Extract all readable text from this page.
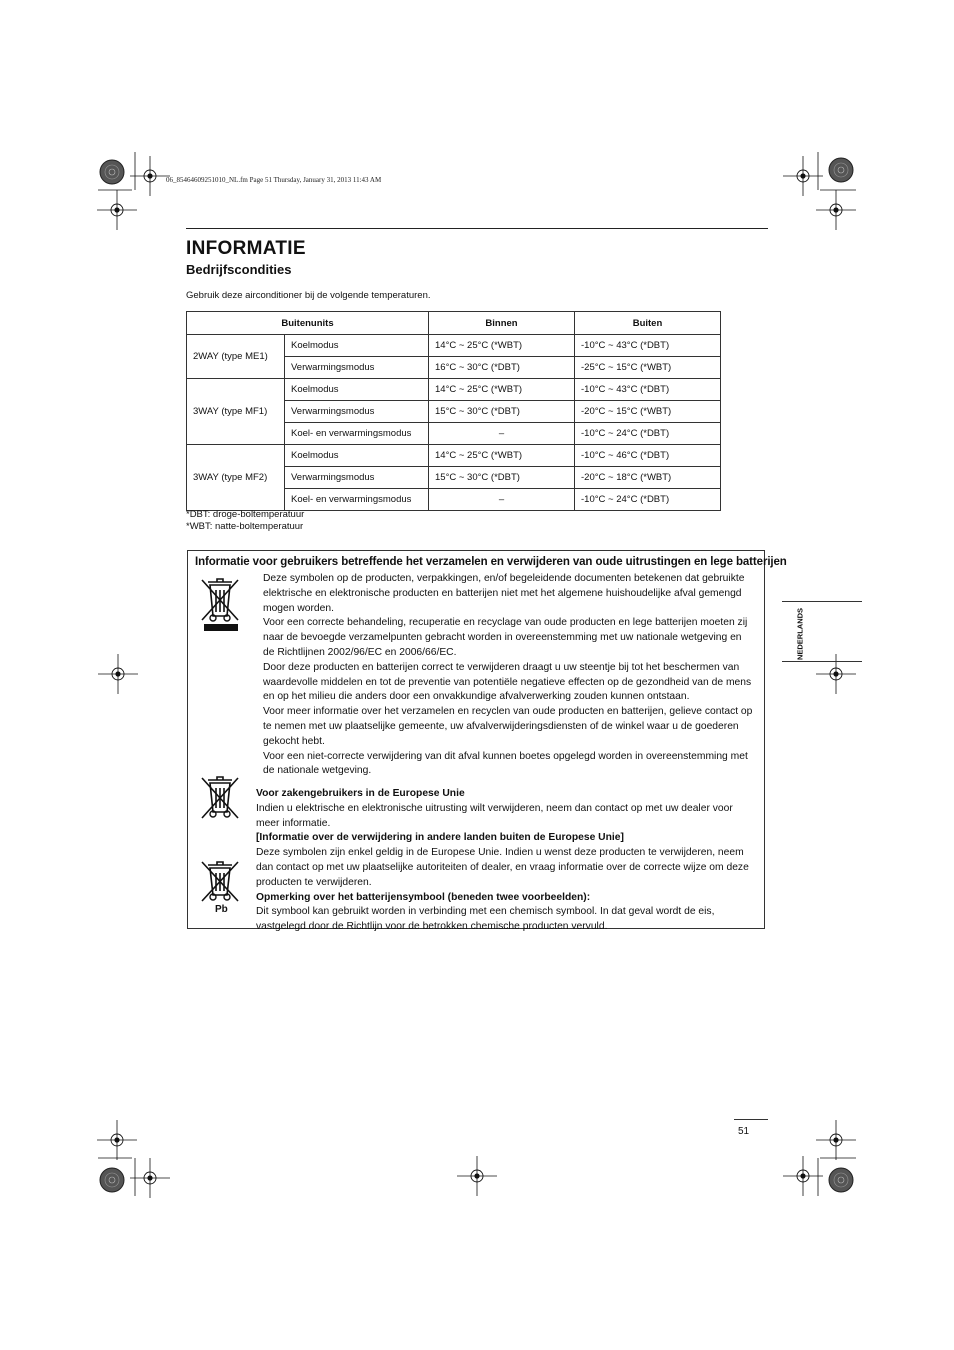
06_85464609251010_NL.fm Page 51 Thursday, January 31, 2013 11:43 AM
INFORMATIE
Bedrijfscondities
Gebruik deze airconditioner bij de volgende temperaturen.
Buitenunits		Binnen	Buiten
2WAY (type ME1)	Koelmodus	14°C ~ 25°C (*WBT)	-10°C ~ 43°C (*DBT)
	Verwarmingsmodus	16°C ~ 30°C (*DBT)	-25°C ~ 15°C (*WBT)
3WAY (type MF1)	Koelmodus	14°C ~ 25°C (*WBT)	-10°C ~ 43°C (*DBT)
	Verwarmingsmodus	15°C ~ 30°C (*DBT)	-20°C ~ 15°C (*WBT)
	Koel- en verwarmingsmodus	–	-10°C ~ 24°C (*DBT)
3WAY (type MF2)	Koelmodus	14°C ~ 25°C (*WBT)	-10°C ~ 46°C (*DBT)
	Verwarmingsmodus	15°C ~ 30°C (*DBT)	-20°C ~ 18°C (*WBT)
	Koel- en verwarmingsmodus	–	-10°C ~ 24°C (*DBT)
*DBT: droge-boltemperatuur
*WBT: natte-boltemperatuur
Informatie voor gebruikers betreffende het verzamelen en verwijderen van oude uitrustingen en lege batterijen
Pb

Deze symbolen op de producten, verpakkingen, en/of begeleidende documenten betekenen dat gebruikte elektrische en elektronische producten en batterijen niet met het algemene huishoudelijke afval gemengd mogen worden.

Voor een correcte behandeling, recuperatie en recyclage van oude producten en lege batterijen moeten zij naar de bevoegde verzamelpunten gebracht worden in overeenstemming met uw nationale wetgeving en de Richtlijnen 2002/96/EC en 2006/66/EC.

Door deze producten en batterijen correct te verwijderen draagt u uw steentje bij tot het beschermen van waardevolle middelen en tot de preventie van potentiële negatieve effecten op de gezondheid van de mens en op het milieu die anders door een onvakkundige afvalverwerking zouden kunnen ontstaan.

Voor meer informatie over het verzamelen en recyclen van oude producten en batterijen, gelieve contact op te nemen met uw plaatselijke gemeente, uw afvalverwijderingsdiensten of de winkel waar u de goederen gekocht hebt.

Voor een niet-correcte verwijdering van dit afval kunnen boetes opgelegd worden in overeenstemming met de nationale wetgeving.

Voor zakengebruikers in de Europese Unie

Indien u elektrische en elektronische uitrusting wilt verwijderen, neem dan contact op met uw dealer voor meer informatie.

[Informatie over de verwijdering in andere landen buiten de Europese Unie]

Deze symbolen zijn enkel geldig in de Europese Unie. Indien u wenst deze producten te verwijderen, neem dan contact op met uw plaatselijke autoriteiten of dealer, en vraag informatie over de correcte wijze om deze producten te verwijderen.

Opmerking over het batterijensymbool (beneden twee voorbeelden):

Dit symbool kan gebruikt worden in verbinding met een chemisch symbool. In dat geval wordt de eis, vastgelegd door de Richtlijn voor de betrokken chemische producten vervuld.

NEDERLANDS
51
